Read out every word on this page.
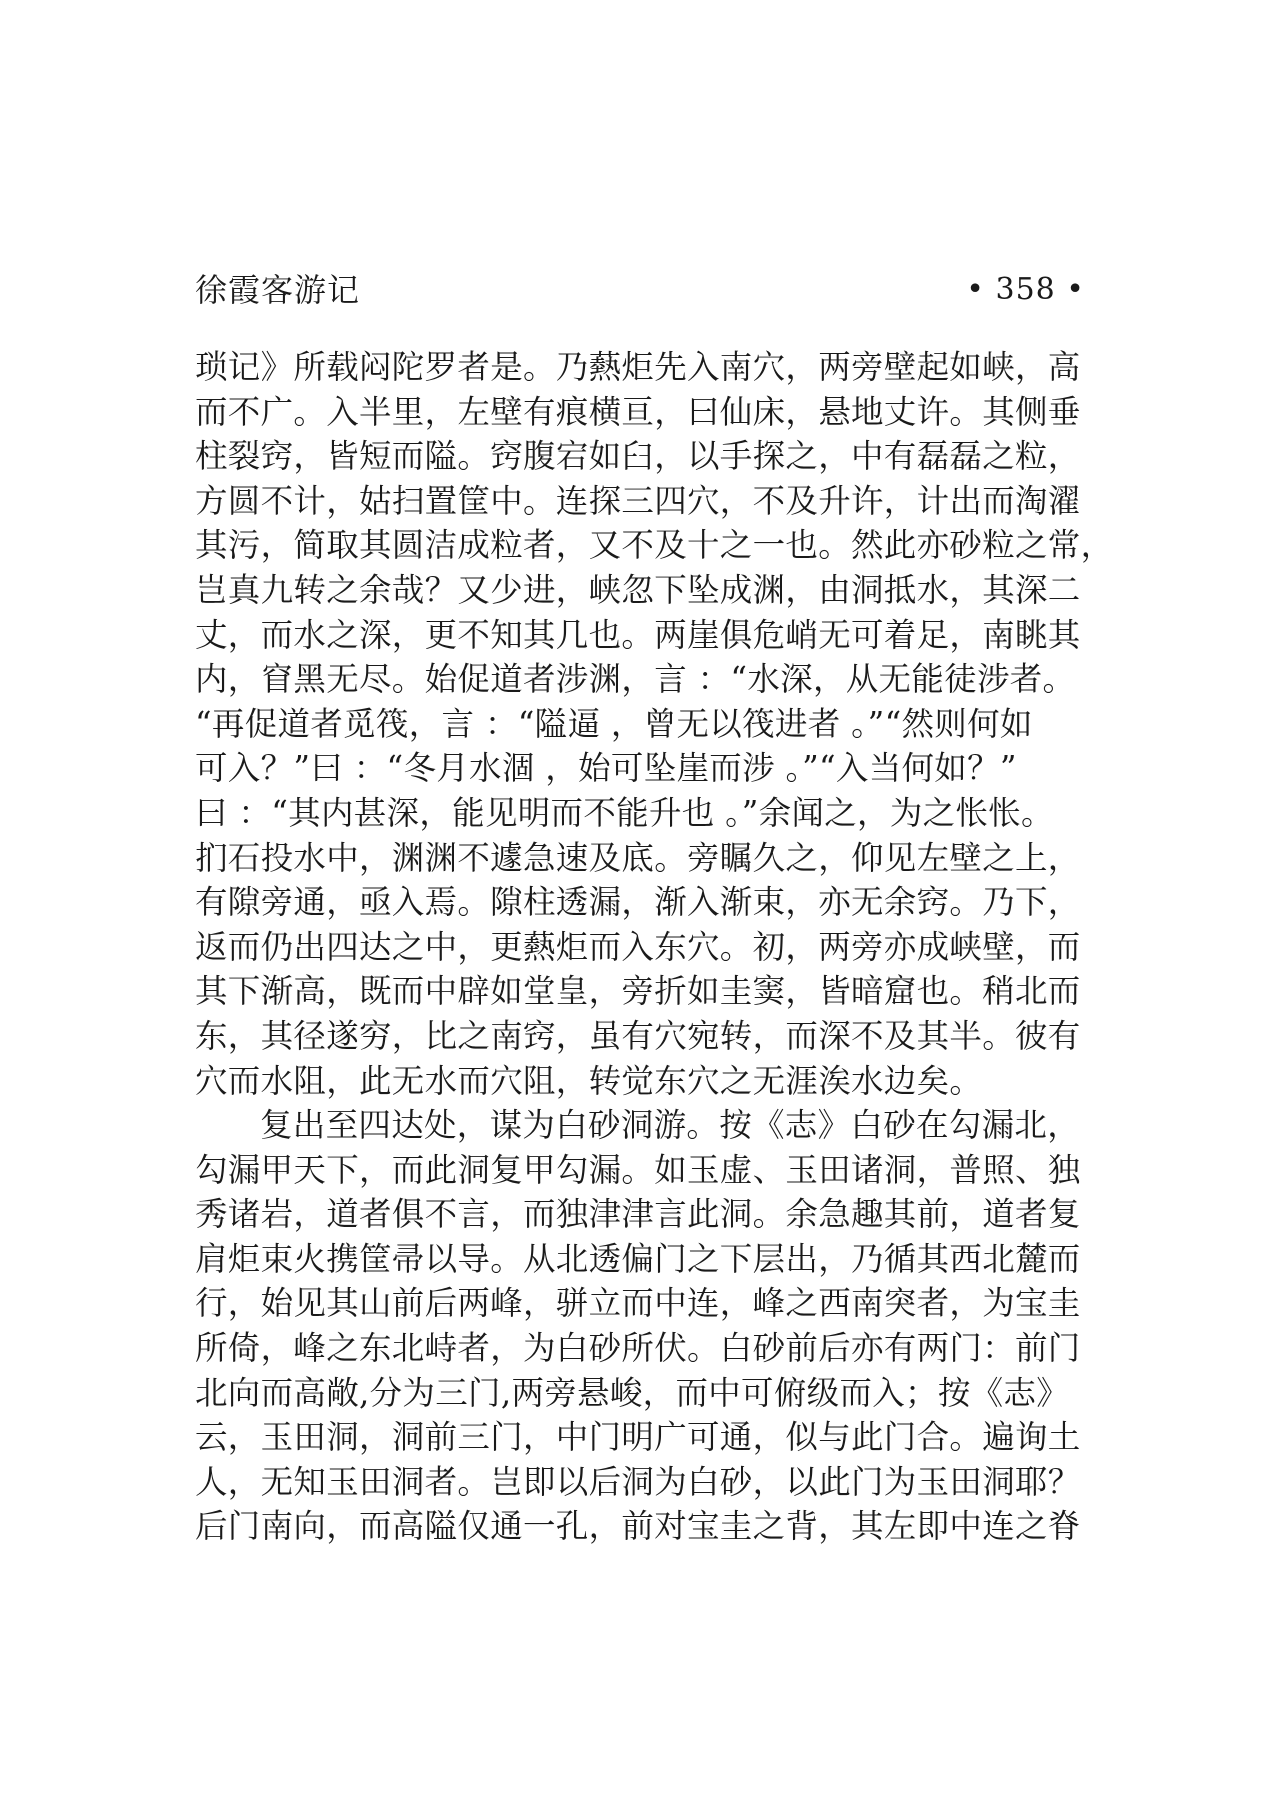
徐霞客游记	• 358 •
琐记》所载闷陀罗者是。乃爇炬先入南穴，两旁壁起如峡，高
而不广。入半里，左壁有痕横亘，曰仙床，悬地丈许。其侧垂
柱裂窍，皆短而隘。窍腹宕如臼，以手探之，中有磊磊之粒，
方圆不计，姑扫置筐中。连探三四穴，不及升许，计出而淘濯
其污，简取其圆洁成粒者，又不及十之一也。然此亦砂粒之常，
岂真九转之余哉？又少进，峡忽下坠成渊，由洞抵水，其深二
丈，而水之深，更不知其几也。两崖俱危峭无可着足，南眺其
内，窅黑无尽。始促道者涉渊，言 ：“水深，从无能徒涉者。
“再促道者觅筏，言 ：“隘逼 ，曾无以筏进者 。”“然则何如
可入？”曰 ：“冬月水涸 ，始可坠崖而涉 。”“入当何如？”
曰 ：“其内甚深，能见明而不能升也 。”余闻之，为之怅怅。
扪石投水中，渊渊不遽急速及底。旁瞩久之，仰见左壁之上，
有隙旁通，亟入焉。隙柱透漏，渐入渐束，亦无余窍。乃下，
返而仍出四达之中，更爇炬而入东穴。初，两旁亦成峡壁，而
其下渐高，既而中辟如堂皇，旁折如圭窦，皆暗窟也。稍北而
东，其径遂穷，比之南窍，虽有穴宛转，而深不及其半。彼有
穴而水阻，此无水而穴阻，转觉东穴之无涯涘水边矣。
复出至四达处，谋为白砂洞游。按《志》白砂在勾漏北，
勾漏甲天下，而此洞复甲勾漏。如玉虚、玉田诸洞，普照、独
秀诸岩，道者俱不言，而独津津言此洞。余急趣其前，道者复
肩炬束火携筐帚以导。从北透偏门之下层出，乃循其西北麓而
行，始见其山前后两峰，骈立而中连，峰之西南突者，为宝圭
所倚，峰之东北峙者，为白砂所伏。白砂前后亦有两门：前门
北向而高敞,分为三门,两旁悬峻，而中可俯级而入；按《志》
云，玉田洞，洞前三门，中门明广可通，似与此门合。遍询土
人，无知玉田洞者。岂即以后洞为白砂，以此门为玉田洞耶？
后门南向，而高隘仅通一孔，前对宝圭之背，其左即中连之脊
